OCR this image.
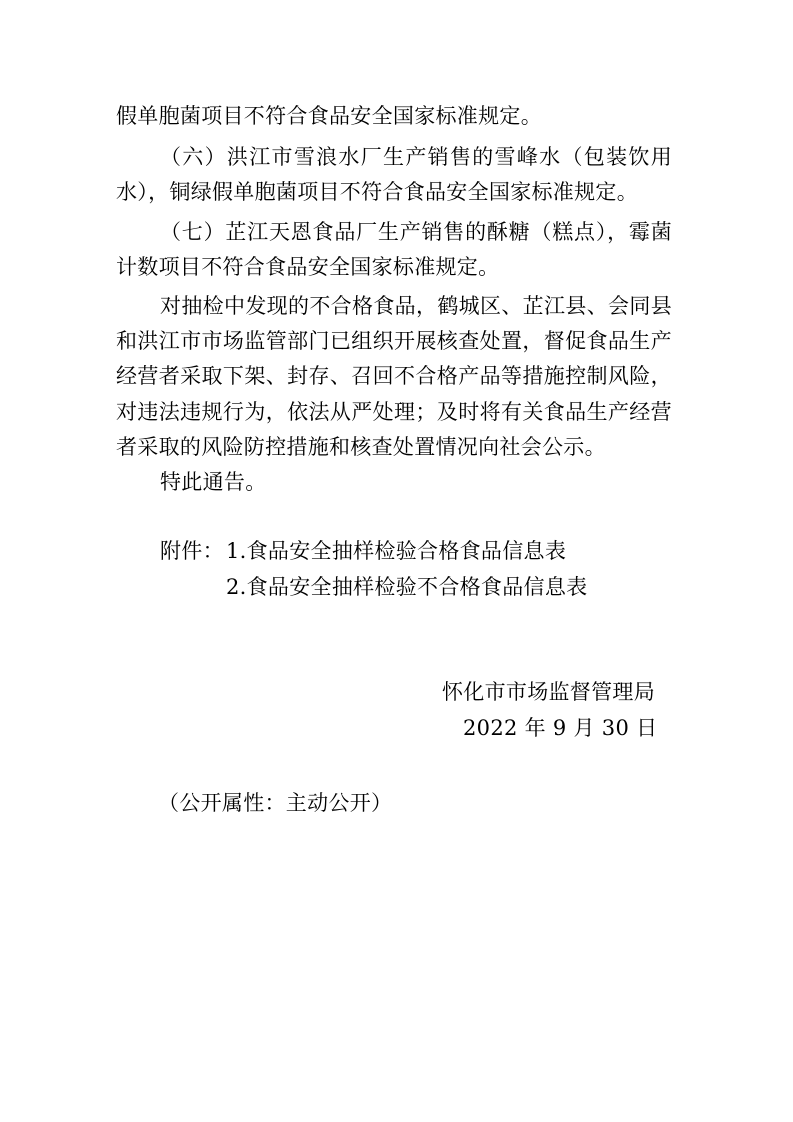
假单胞菌项目不符合食品安全国家标准规定。
（六）洪江市雪浪水厂生产销售的雪峰水（包装饮用
水），铜绿假单胞菌项目不符合食品安全国家标准规定。
（七）芷江天恩食品厂生产销售的酥糖（糕点），霉菌
计数项目不符合食品安全国家标准规定。
对抽检中发现的不合格食品，鹤城区、芷江县、会同县
和洪江市市场监管部门已组织开展核查处置，督促食品生产
经营者采取下架、封存、召回不合格产品等措施控制风险，
对违法违规行为，依法从严处理；及时将有关食品生产经营
者采取的风险防控措施和核查处置情况向社会公示。
特此通告。
附件： 1.食品安全抽样检验合格食品信息表
2.食品安全抽样检验不合格食品信息表
怀化市市场监督管理局
2022 年 9 月 30 日
（公开属性：主动公开）
